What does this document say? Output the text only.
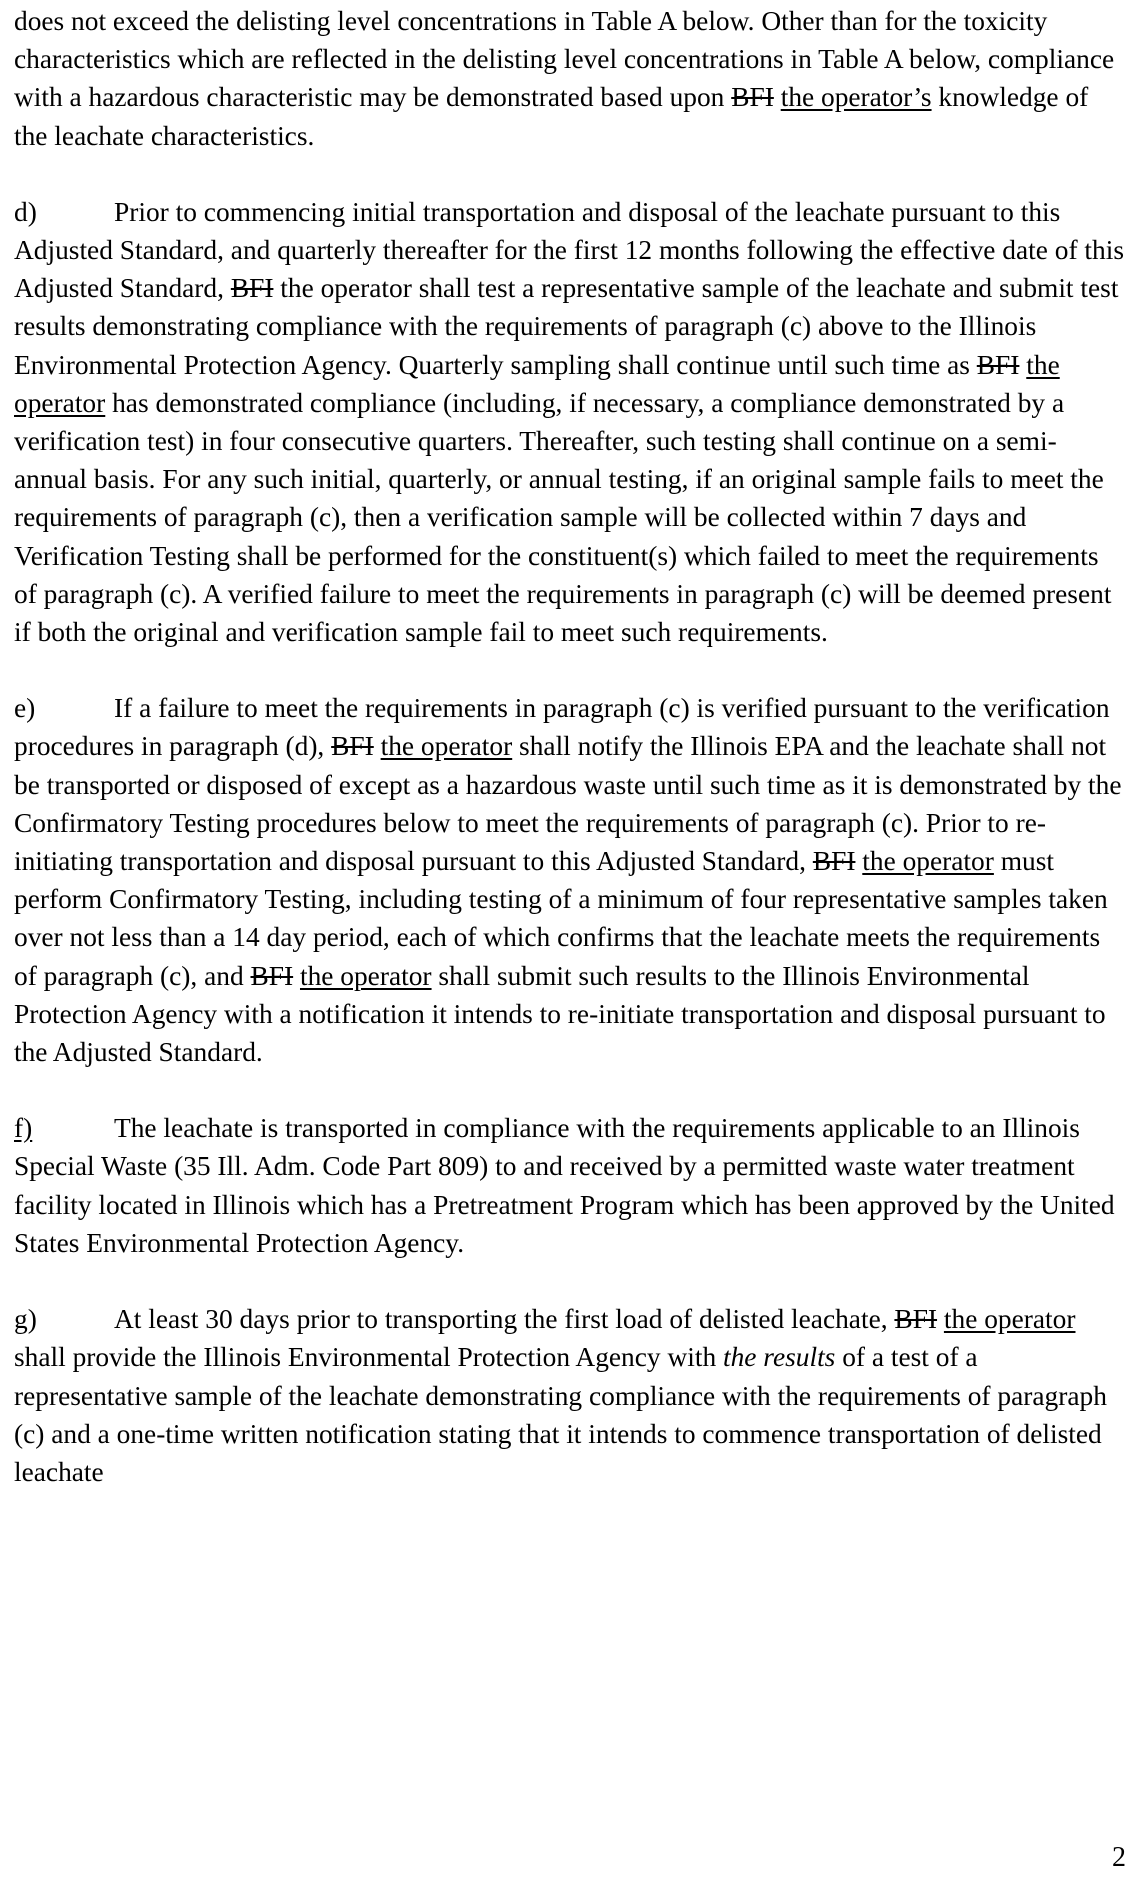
does not exceed the delisting level concentrations in Table A below. Other than for the toxicity characteristics which are reflected in the delisting level concentrations in Table A below, compliance with a hazardous characteristic may be demonstrated based upon BFI the operator’s knowledge of the leachate characteristics.

d)	Prior to commencing initial transportation and disposal of the leachate pursuant to this Adjusted Standard, and quarterly thereafter for the first 12 months following the effective date of this Adjusted Standard, BFI the operator shall test a representative sample of the leachate and submit test results demonstrating compliance with the requirements of paragraph (c) above to the Illinois Environmental Protection Agency. Quarterly sampling shall continue until such time as BFI the operator has demonstrated compliance (including, if necessary, a compliance demonstrated by a verification test) in four consecutive quarters. Thereafter, such testing shall continue on a semi-annual basis. For any such initial, quarterly, or annual testing, if an original sample fails to meet the requirements of paragraph (c), then a verification sample will be collected within 7 days and Verification Testing shall be performed for the constituent(s) which failed to meet the requirements of paragraph (c). A verified failure to meet the requirements in paragraph (c) will be deemed present if both the original and verification sample fail to meet such requirements.

e)	If a failure to meet the requirements in paragraph (c) is verified pursuant to the verification procedures in paragraph (d), BFI the operator shall notify the Illinois EPA and the leachate shall not be transported or disposed of except as a hazardous waste until such time as it is demonstrated by the Confirmatory Testing procedures below to meet the requirements of paragraph (c). Prior to re-initiating transportation and disposal pursuant to this Adjusted Standard, BFI the operator must perform Confirmatory Testing, including testing of a minimum of four representative samples taken over not less than a 14 day period, each of which confirms that the leachate meets the requirements of paragraph (c), and BFI the operator shall submit such results to the Illinois Environmental Protection Agency with a notification it intends to re-initiate transportation and disposal pursuant to the Adjusted Standard.

f)	The leachate is transported in compliance with the requirements applicable to an Illinois Special Waste (35 Ill. Adm. Code Part 809) to and received by a permitted waste water treatment facility located in Illinois which has a Pretreatment Program which has been approved by the United States Environmental Protection Agency.

g)	At least 30 days prior to transporting the first load of delisted leachate, BFI the operator shall provide the Illinois Environmental Protection Agency with the results of a test of a representative sample of the leachate demonstrating compliance with the requirements of paragraph (c) and a one-time written notification stating that it intends to commence transportation of delisted leachate

2
